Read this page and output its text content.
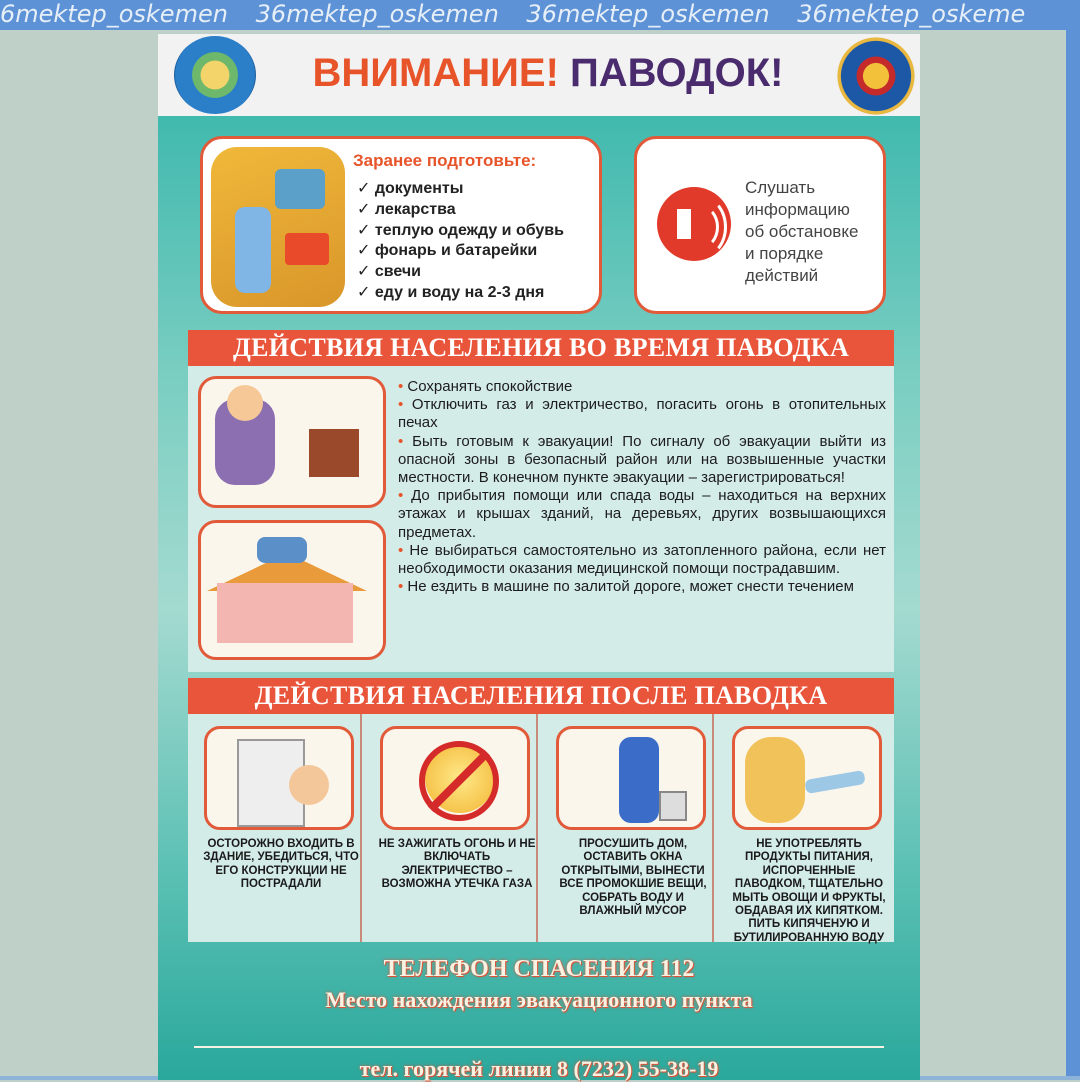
6mektep_oskemen 36mektep_oskemen 36mektep_oskemen 36mektep_oskeme
ВНИМАНИЕ! ПАВОДОК!
Заранее подготовьте:
✓ документы
✓ лекарства
✓ теплую одежду и обувь
✓ фонарь и батарейки
✓ свечи
✓ еду и воду на 2-3 дня
Слушать
информацию
об обстановке
и порядке
действий
ДЕЙСТВИЯ НАСЕЛЕНИЯ ВО ВРЕМЯ ПАВОДКА
• Сохранять спокойствие
• Отключить газ и электричество, погасить огонь в отопительных печах
• Быть готовым к эвакуации! По сигналу об эвакуации выйти из опасной зоны в безопасный район или на возвышенные участки местности. В конечном пункте эвакуации – зарегистрироваться!
• До прибытия помощи или спада воды – находиться на верхних этажах и крышах зданий, на деревьях, других возвышающихся предметах.
• Не выбираться самостоятельно из затопленного района, если нет необходимости оказания медицинской помощи пострадавшим.
• Не ездить в машине по залитой дороге, может снести течением
ДЕЙСТВИЯ НАСЕЛЕНИЯ ПОСЛЕ ПАВОДКА
ОСТОРОЖНО ВХОДИТЬ В ЗДАНИЕ, УБЕДИТЬСЯ, ЧТО ЕГО КОНСТРУКЦИИ НЕ ПОСТРАДАЛИ
НЕ ЗАЖИГАТЬ ОГОНЬ И НЕ ВКЛЮЧАТЬ ЭЛЕКТРИЧЕСТВО – ВОЗМОЖНА УТЕЧКА ГАЗА
ПРОСУШИТЬ ДОМ, ОСТАВИТЬ ОКНА ОТКРЫТЫМИ, ВЫНЕСТИ ВСЕ ПРОМОКШИЕ ВЕЩИ, СОБРАТЬ ВОДУ И ВЛАЖНЫЙ МУСОР
НЕ УПОТРЕБЛЯТЬ ПРОДУКТЫ ПИТАНИЯ, ИСПОРЧЕННЫЕ ПАВОДКОМ, ТЩАТЕЛЬНО МЫТЬ ОВОЩИ И ФРУКТЫ, ОБДАВАЯ ИХ КИПЯТКОМ. ПИТЬ КИПЯЧЕНУЮ И БУТИЛИРОВАННУЮ ВОДУ
ТЕЛЕФОН СПАСЕНИЯ 112
Место нахождения эвакуационного пункта
тел. горячей линии 8 (7232) 55-38-19
